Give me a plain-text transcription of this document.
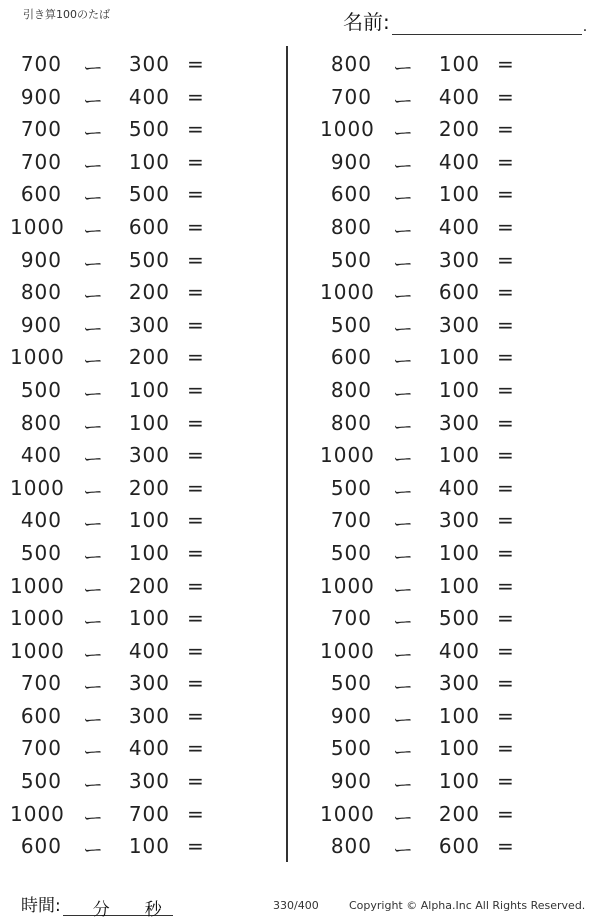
引き算100のたば	名前:	.
700 ー	300 =
900 ー	400 =
700 ー	500 =
700 ー	100 =
600 ー	500 =
1000 ー	600 =
900 ー	500 =
800 ー	200 =
900 ー	300 =
1000 ー	200 =
500 ー	100 =
800 ー	100 =
400 ー	300 =
1000 ー	200 =
400 ー	100 =
500 ー	100 =
1000 ー	200 =
1000 ー	100 =
1000 ー	400 =
700 ー	300 =
600 ー	300 =
700 ー	400 =
500 ー	300 =
1000 ー	700 =
600 ー	100 =
800 ー	100 =
700 ー	400 =
1000 ー	200 =
900 ー	400 =
600 ー	100 =
800 ー	400 =
500 ー	300 =
1000 ー	600 =
500 ー	300 =
600 ー	100 =
800 ー	100 =
800 ー	300 =
1000 ー	100 =
500 ー	400 =
700 ー	300 =
500 ー	100 =
1000 ー	100 =
700 ー	500 =
1000 ー	400 =
500 ー	300 =
900 ー	100 =
500 ー	100 =
900 ー	100 =
1000 ー	200 =
800 ー	600 =
時間: 分 秒	330/400	Copyright © Alpha.Inc All Rights Reserved.
